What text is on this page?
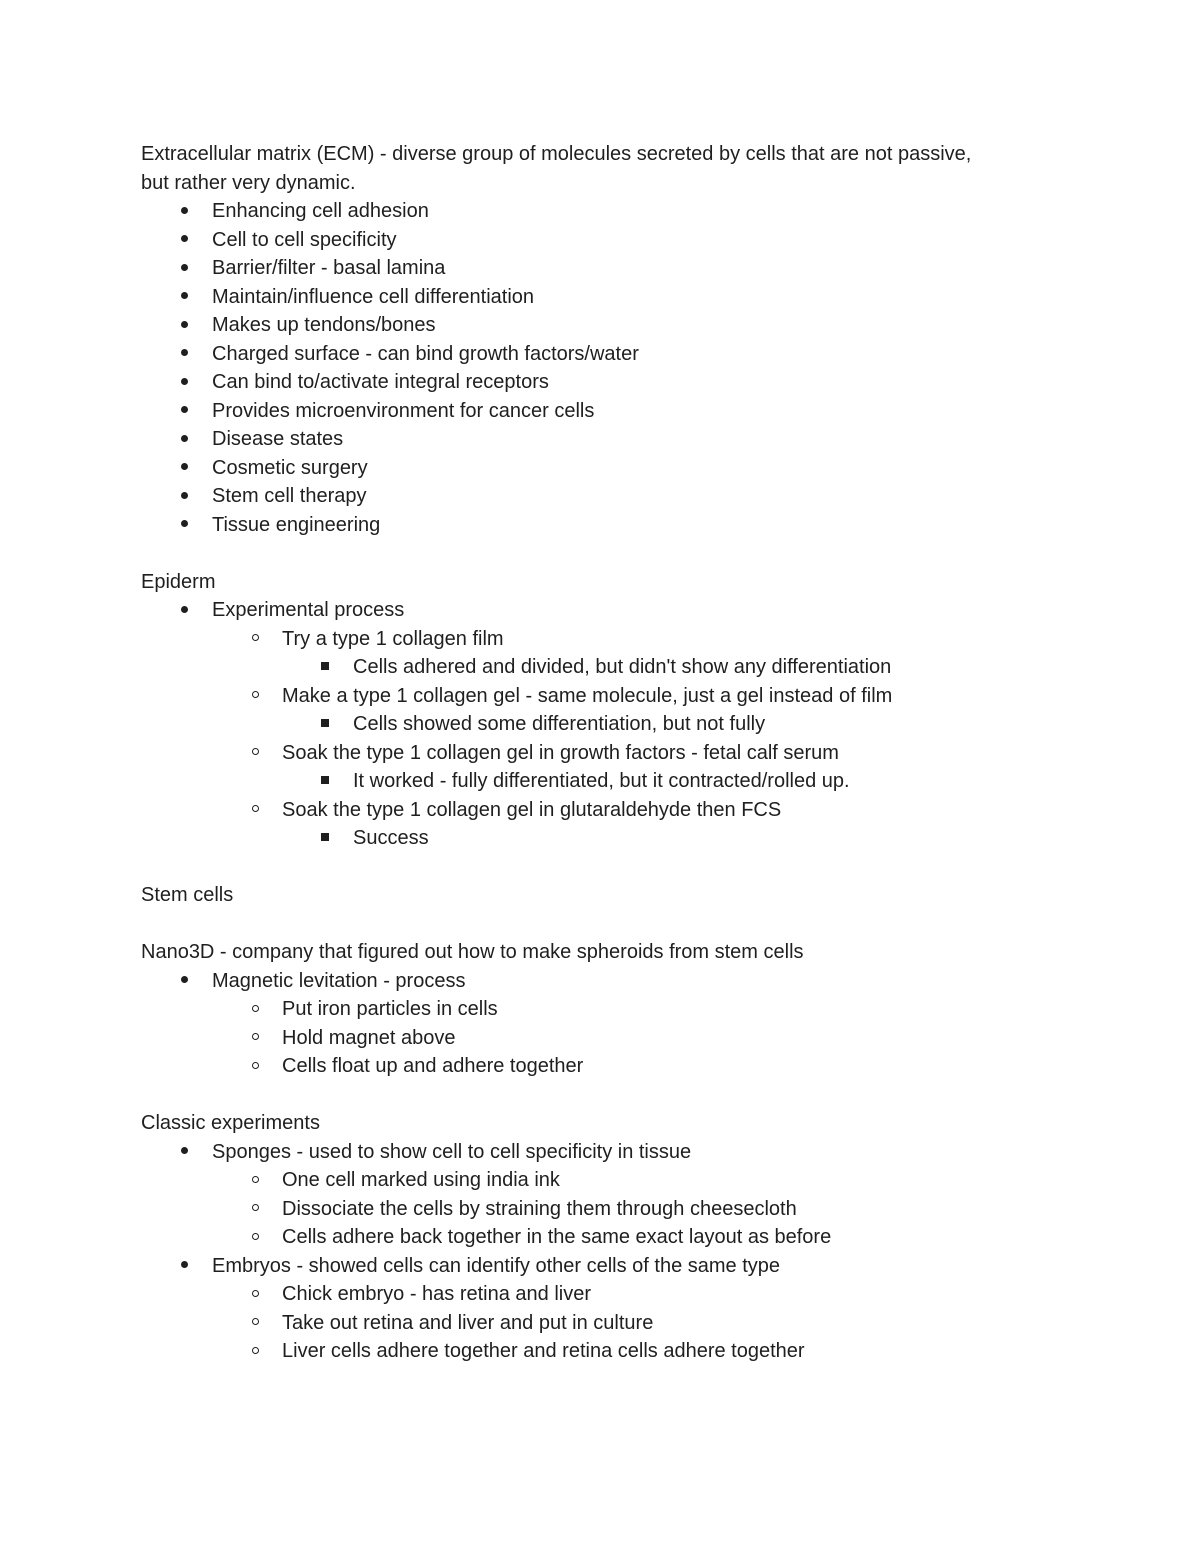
Extracellular matrix (ECM) - diverse group of molecules secreted by cells that are not passive,
but rather very dynamic.
Enhancing cell adhesion
Cell to cell specificity
Barrier/filter - basal lamina
Maintain/influence cell differentiation
Makes up tendons/bones
Charged surface - can bind growth factors/water
Can bind to/activate integral receptors
Provides microenvironment for cancer cells
Disease states
Cosmetic surgery
Stem cell therapy
Tissue engineering
Epiderm
Experimental process
Try a type 1 collagen film
Cells adhered and divided, but didn't show any differentiation
Make a type 1 collagen gel - same molecule, just a gel instead of film
Cells showed some differentiation, but not fully
Soak the type 1 collagen gel in growth factors - fetal calf serum
It worked - fully differentiated, but it contracted/rolled up.
Soak the type 1 collagen gel in glutaraldehyde then FCS
Success
Stem cells
Nano3D - company that figured out how to make spheroids from stem cells
Magnetic levitation - process
Put iron particles in cells
Hold magnet above
Cells float up and adhere together
Classic experiments
Sponges - used to show cell to cell specificity in tissue
One cell marked using india ink
Dissociate the cells by straining them through cheesecloth
Cells adhere back together in the same exact layout as before
Embryos - showed cells can identify other cells of the same type
Chick embryo - has retina and liver
Take out retina and liver and put in culture
Liver cells adhere together and retina cells adhere together
